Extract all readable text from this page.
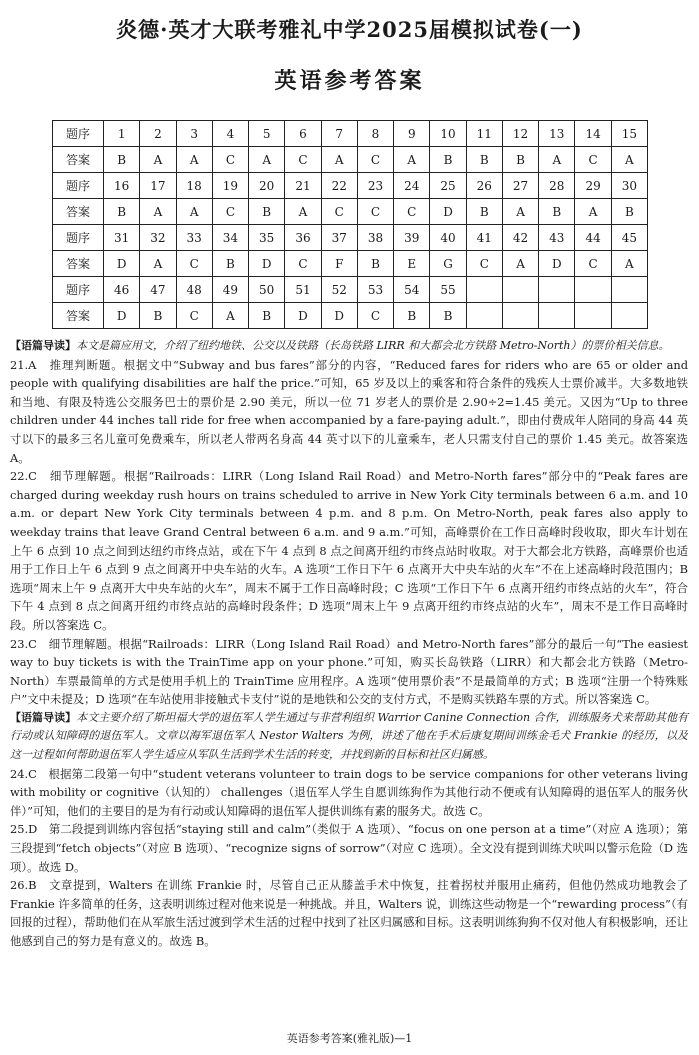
炎德·英才大联考雅礼中学2025届模拟试卷(一)
英语参考答案
题序	1	2	3	4	5	6	7	8	9	10	11	12	13	14	15
答案	B	A	A	C	A	C	A	C	A	B	B	B	A	C	A
题序	16	17	18	19	20	21	22	23	24	25	26	27	28	29	30
答案	B	A	A	C	B	A	C	C	C	D	B	A	B	A	B
题序	31	32	33	34	35	36	37	38	39	40	41	42	43	44	45
答案	D	A	C	B	D	C	F	B	E	G	C	A	D	C	A
题序	46	47	48	49	50	51	52	53	54	55					
答案	D	B	C	A	B	D	D	C	B	B					

【语篇导读】本文是篇应用文，介绍了纽约地铁、公交以及铁路（长岛铁路 LIRR 和大都会北方铁路 Metro-North）的票价相关信息。

21.A　推理判断题。根据文中“Subway and bus fares”部分的内容，“Reduced fares for riders who are 65 or older and people with qualifying disabilities are half the price.”可知，65 岁及以上的乘客和符合条件的残疾人士票价减半。大多数地铁和当地、有限及特选公交服务巴士的票价是 2.90 美元，所以一位 71 岁老人的票价是 2.90÷2=1.45 美元。又因为“Up to three children under 44 inches tall ride for free when accompanied by a fare-paying adult.”，即由付费成年人陪同的身高 44 英寸以下的最多三名儿童可免费乘车，所以老人带两名身高 44 英寸以下的儿童乘车，老人只需支付自己的票价 1.45 美元。故答案选 A。

22.C　细节理解题。根据“Railroads：LIRR（Long Island Rail Road）and Metro-North fares”部分中的“Peak fares are charged during weekday rush hours on trains scheduled to arrive in New York City terminals between 6 a.m. and 10 a.m. or depart New York City terminals between 4 p.m. and 8 p.m. On Metro-North, peak fares also apply to weekday trains that leave Grand Central between 6 a.m. and 9 a.m.”可知，高峰票价在工作日高峰时段收取，即火车计划在上午 6 点到 10 点之间到达纽约市终点站，或在下午 4 点到 8 点之间离开纽约市终点站时收取。对于大都会北方铁路，高峰票价也适用于工作日上午 6 点到 9 点之间离开中央车站的火车。A 选项“工作日下午 6 点离开大中央车站的火车”不在上述高峰时段范围内；B 选项“周末上午 9 点离开大中央车站的火车”，周末不属于工作日高峰时段；C 选项“工作日下午 6 点离开纽约市终点站的火车”，符合下午 4 点到 8 点之间离开纽约市终点站的高峰时段条件；D 选项“周末上午 9 点离开纽约市终点站的火车”，周末不是工作日高峰时段。所以答案选 C。

23.C　细节理解题。根据“Railroads：LIRR（Long Island Rail Road）and Metro-North fares”部分的最后一句“The easiest way to buy tickets is with the TrainTime app on your phone.”可知，购买长岛铁路（LIRR）和大都会北方铁路（Metro-North）车票最简单的方式是使用手机上的 TrainTime 应用程序。A 选项“使用票价表”不是最简单的方式；B 选项“注册一个特殊账户”文中未提及；D 选项“在车站使用非接触式卡支付”说的是地铁和公交的支付方式，不是购买铁路车票的方式。所以答案选 C。

【语篇导读】本文主要介绍了斯坦福大学的退伍军人学生通过与非营利组织 Warrior Canine Connection 合作，训练服务犬来帮助其他有行动或认知障碍的退伍军人。文章以海军退伍军人 Nestor Walters 为例，讲述了他在手术后康复期间训练金毛犬 Frankie 的经历，以及这一过程如何帮助退伍军人学生适应从军队生活到学术生活的转变，并找到新的目标和社区归属感。

24.C　根据第二段第一句中“student veterans volunteer to train dogs to be service companions for other veterans living with mobility or cognitive（认知的） challenges（退伍军人学生自愿训练狗作为其他行动不便或有认知障碍的退伍军人的服务伙伴）”可知，他们的主要目的是为有行动或认知障碍的退伍军人提供训练有素的服务犬。故选 C。

25.D　第二段提到训练内容包括“staying still and calm”（类似于 A 选项）、“focus on one person at a time”（对应 A 选项）；第三段提到“fetch objects”（对应 B 选项）、“recognize signs of sorrow”（对应 C 选项）。全文没有提到训练犬吠叫以警示危险（D 选项）。故选 D。

26.B　文章提到，Walters 在训练 Frankie 时，尽管自己正从膝盖手术中恢复，拄着拐杖并服用止痛药，但他仍然成功地教会了 Frankie 许多简单的任务，这表明训练过程对他来说是一种挑战。并且，Walters 说，训练这些动物是一个“rewarding process”（有回报的过程），帮助他们在从军旅生活过渡到学术生活的过程中找到了社区归属感和目标。这表明训练狗狗不仅对他人有积极影响，还让他感到自己的努力是有意义的。故选 B。

英语参考答案(雅礼版)—1
